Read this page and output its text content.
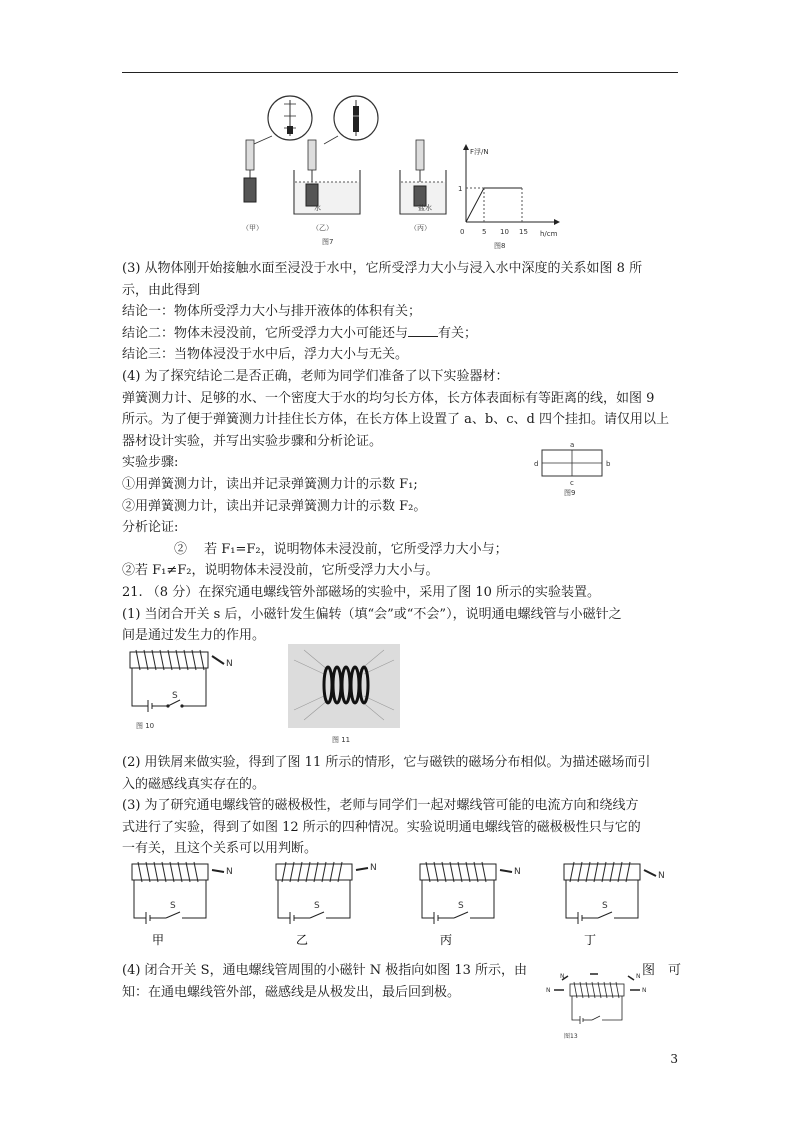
（甲）
水	盐水
（乙）	（丙）
图7
F浮/N
h/cm
1
0	5 10 15
图8
(3) 从物体刚开始接触水面至浸没于水中，它所受浮力大小与浸入水中深度的关系如图 8 所
示，由此得到
结论一：物体所受浮力大小与排开液体的体积有关；
结论二：物体未浸没前，它所受浮力大小可能还与 有关；
结论三：当物体浸没于水中后，浮力大小与无关。
(4) 为了探究结论二是否正确，老师为同学们准备了以下实验器材：
弹簧测力计、足够的水、一个密度大于水的均匀长方体，长方体表面标有等距离的线，如图 9
所示。为了便于弹簧测力计挂住长方体，在长方体上设置了 a、b、c、d 四个挂扣。请仅用以上
器材设计实验，并写出实验步骤和分析论证。
实验步骤:
①用弹簧测力计，读出并记录弹簧测力计的示数 F₁;
②用弹簧测力计，读出并记录弹簧测力计的示数 F₂。
分析论证:
②　 若 F₁=F₂，说明物体未浸没前，它所受浮力大小与；
②若 F₁≠F₂，说明物体未浸没前，它所受浮力大小与。
21. （8 分）在探究通电螺线管外部磁场的实验中，采用了图 10 所示的实验装置。
(1) 当闭合开关 s 后，小磁针发生偏转（填“会”或“不会”），说明通电螺线管与小磁针之
间是通过发生力的作用。
a
b
c
d
图9
N
S
图 10
图 11
(2) 用铁屑来做实验，得到了图 11 所示的情形，它与磁铁的磁场分布相似。为描述磁场而引
入的磁感线真实存在的。
(3) 为了研究通电螺线管的磁极极性，老师与同学们一起对螺线管可能的电流方向和绕线方
式进行了实验，得到了如图 12 所示的四种情况。实验说明通电螺线管的磁极极性只与它的
一有关，且这个关系可以用判断。
N
S
甲
N
S
乙
N
S
丙
N
S
丁
(4) 闭合开关 S，通电螺线管周围的小磁针 N 极指向如图 13 所示，由	图　可
知：在通电螺线管外部，磁感线是从极发出，最后回到极。
N	N
N	N
图13
3
